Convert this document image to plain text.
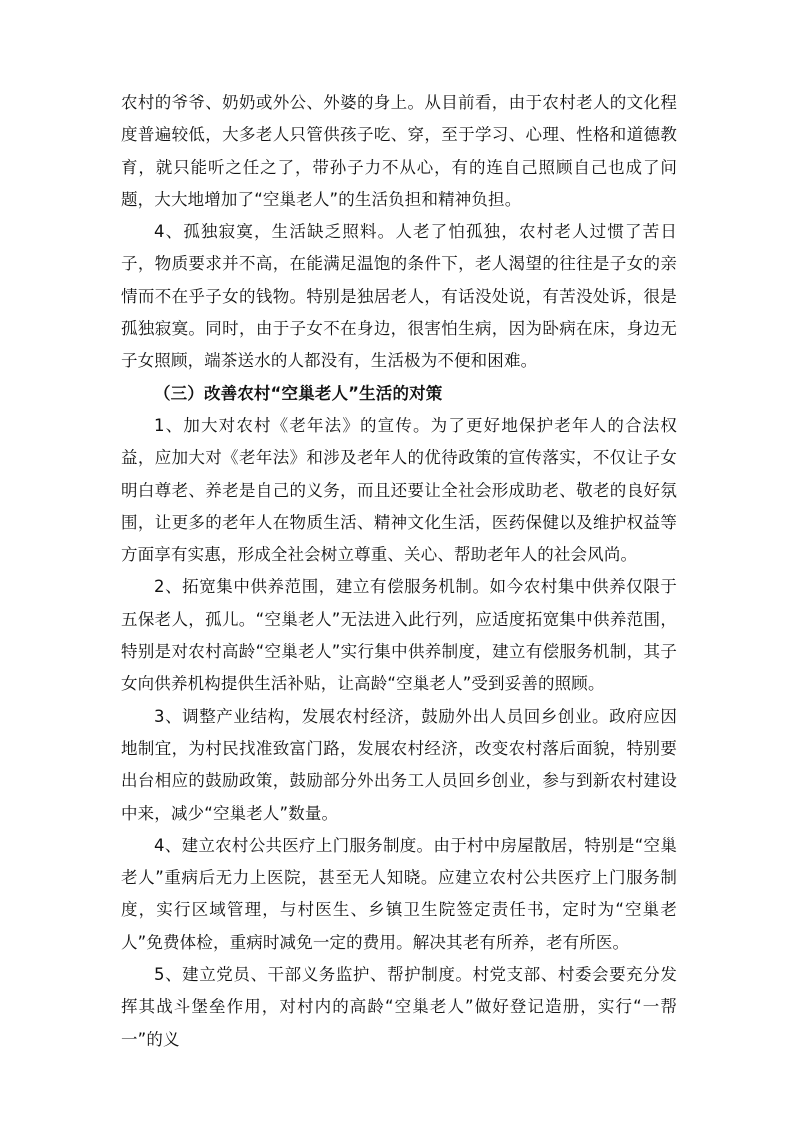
农村的爷爷、奶奶或外公、外婆的身上。从目前看，由于农村老人的文化程度普遍较低，大多老人只管供孩子吃、穿，至于学习、心理、性格和道德教育，就只能听之任之了，带孙子力不从心，有的连自己照顾自己也成了问题，大大地增加了“空巢老人”的生活负担和精神负担。

4、孤独寂寞，生活缺乏照料。人老了怕孤独，农村老人过惯了苦日子，物质要求并不高，在能满足温饱的条件下，老人渴望的往往是子女的亲情而不在乎子女的钱物。特别是独居老人，有话没处说，有苦没处诉，很是孤独寂寞。同时，由于子女不在身边，很害怕生病，因为卧病在床，身边无子女照顾，端茶送水的人都没有，生活极为不便和困难。

（三）改善农村“空巢老人”生活的对策

1、加大对农村《老年法》的宣传。为了更好地保护老年人的合法权益，应加大对《老年法》和涉及老年人的优待政策的宣传落实，不仅让子女明白尊老、养老是自己的义务，而且还要让全社会形成助老、敬老的良好氛围，让更多的老年人在物质生活、精神文化生活，医药保健以及维护权益等方面享有实惠，形成全社会树立尊重、关心、帮助老年人的社会风尚。

2、拓宽集中供养范围，建立有偿服务机制。如今农村集中供养仅限于五保老人，孤儿。“空巢老人”无法进入此行列，应适度拓宽集中供养范围，特别是对农村高龄“空巢老人”实行集中供养制度，建立有偿服务机制，其子女向供养机构提供生活补贴，让高龄“空巢老人”受到妥善的照顾。

3、调整产业结构，发展农村经济，鼓励外出人员回乡创业。政府应因地制宜，为村民找准致富门路，发展农村经济，改变农村落后面貌，特别要出台相应的鼓励政策，鼓励部分外出务工人员回乡创业，参与到新农村建设中来，减少“空巢老人”数量。

4、建立农村公共医疗上门服务制度。由于村中房屋散居，特别是“空巢老人”重病后无力上医院，甚至无人知晓。应建立农村公共医疗上门服务制度，实行区域管理，与村医生、乡镇卫生院签定责任书，定时为“空巢老人”免费体检，重病时减免一定的费用。解决其老有所养，老有所医。

5、建立党员、干部义务监护、帮护制度。村党支部、村委会要充分发挥其战斗堡垒作用，对村内的高龄“空巢老人”做好登记造册，实行“一帮一”的义
